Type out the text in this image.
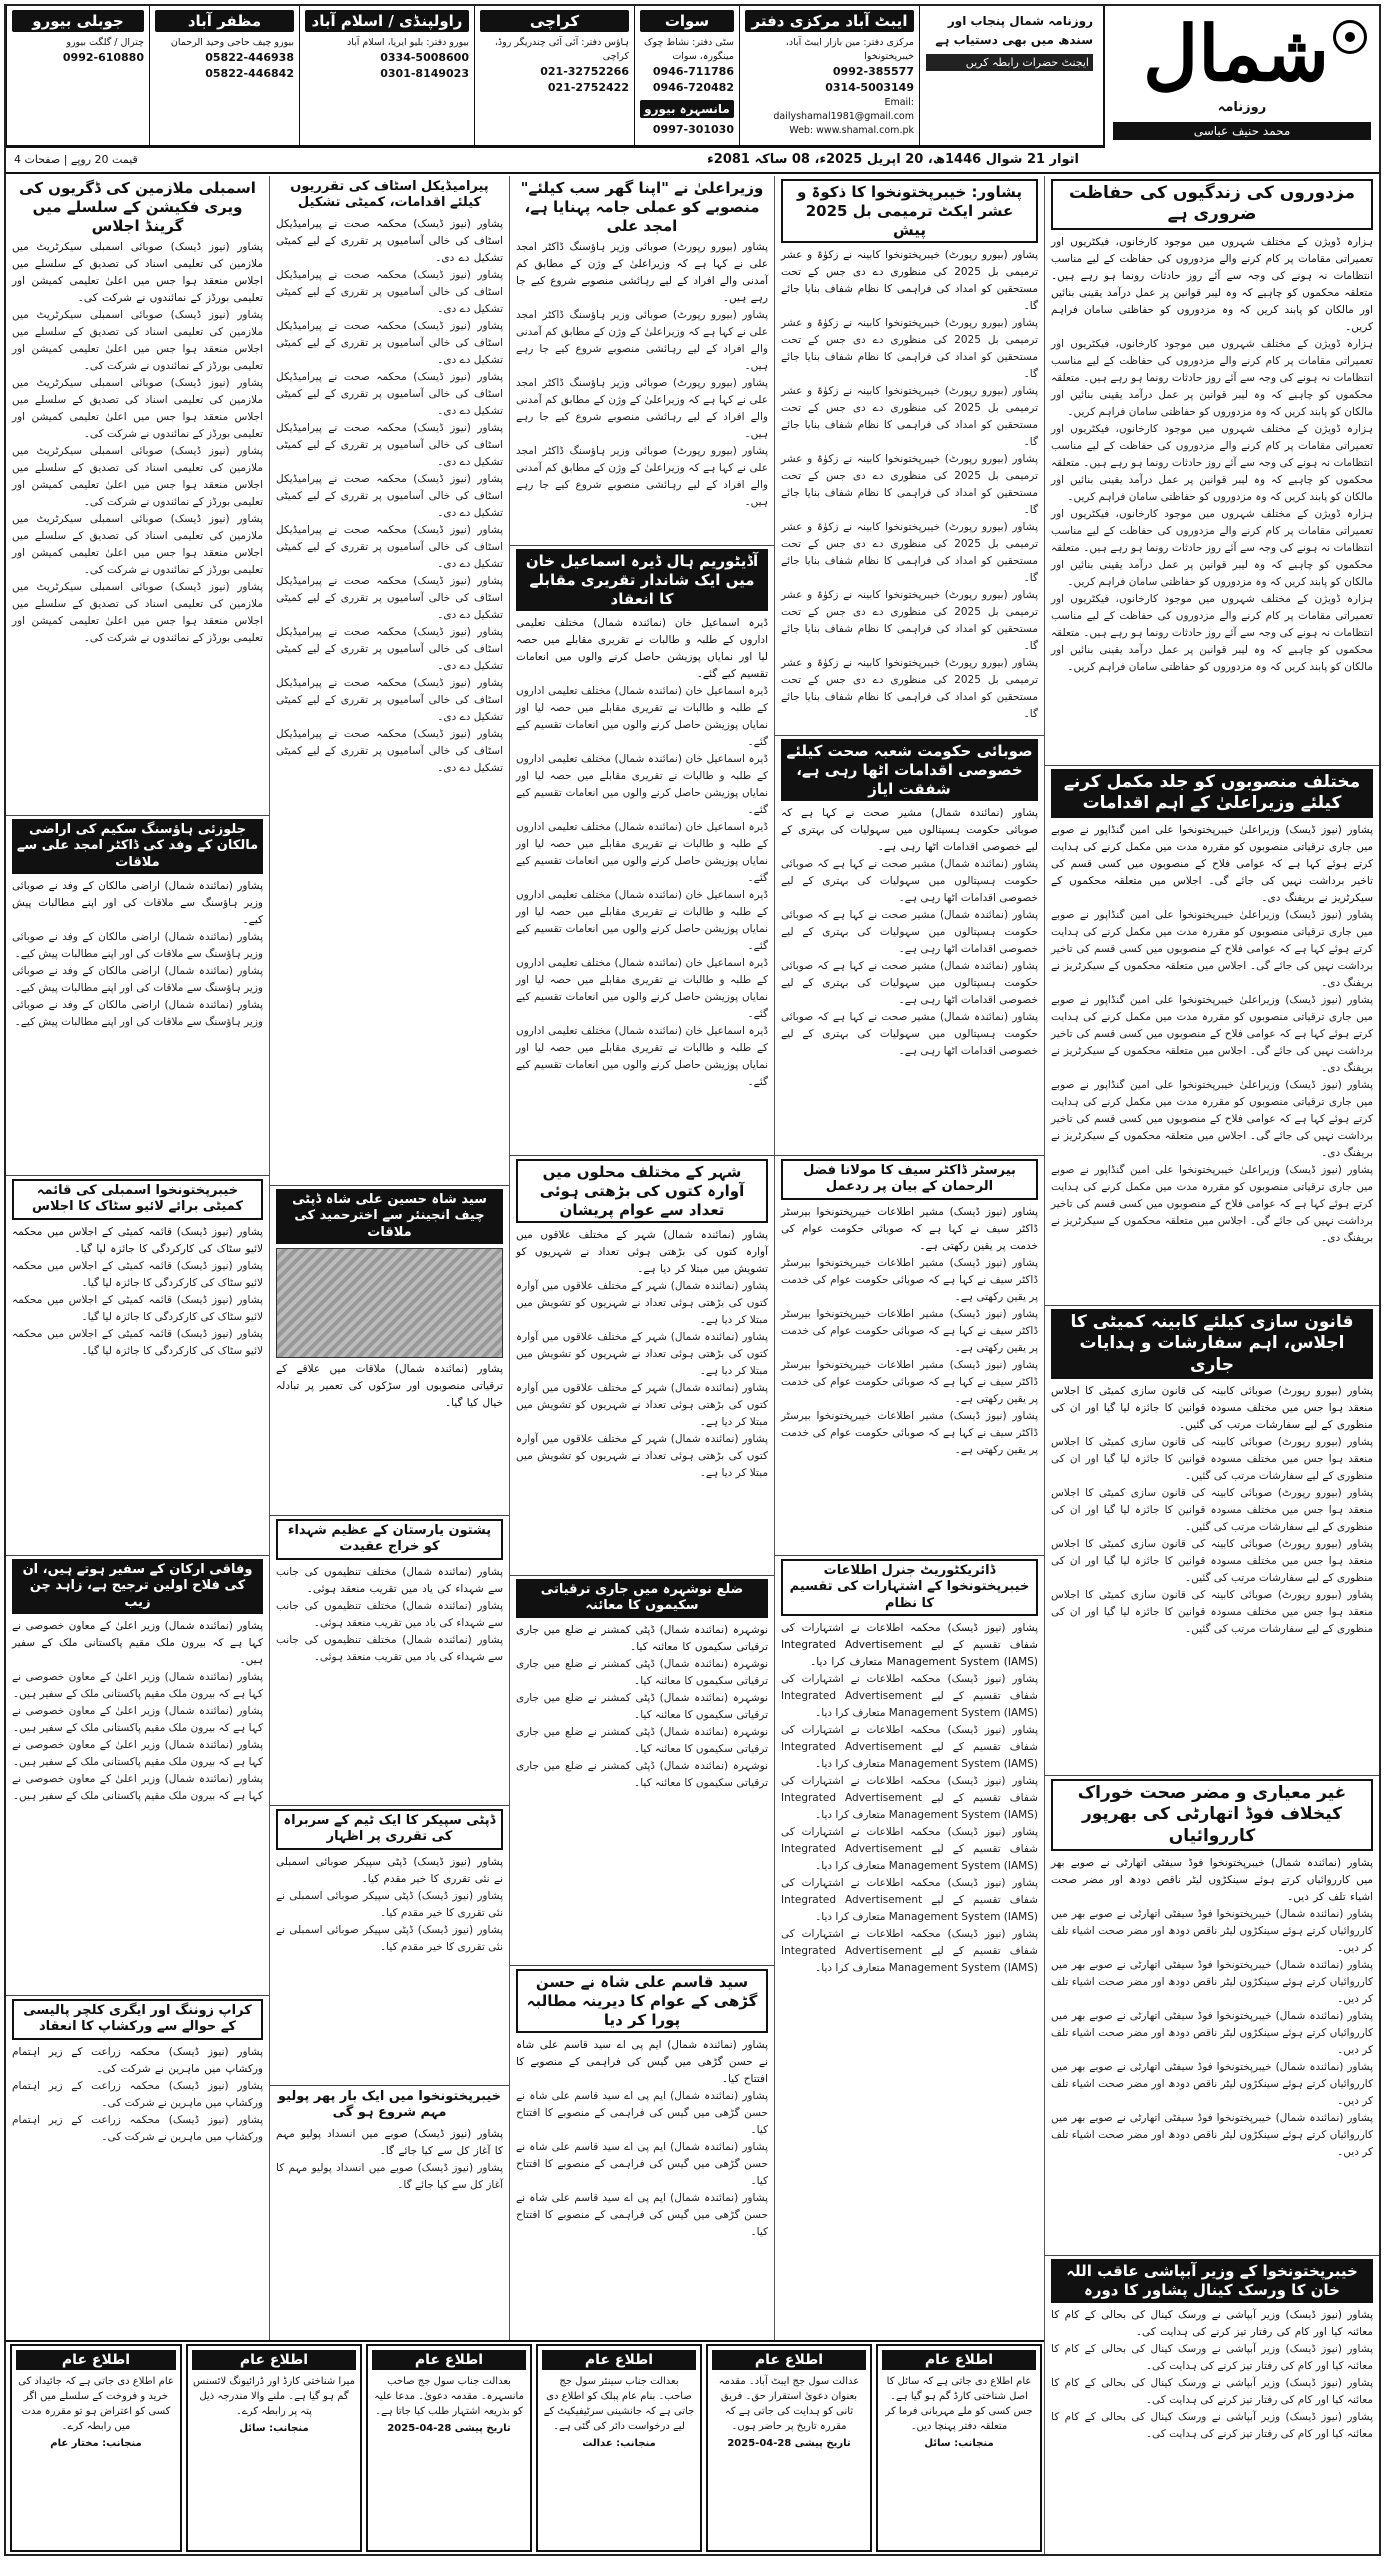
شمال
روزنامہ
محمد حنیف عباسی
روزنامہ شمال پنجاب اور سندھ میں بھی دستیاب ہے
ایجنٹ حضرات رابطہ کریں
ایبٹ آباد مرکزی دفتر
مرکزی دفتر: مین بازار ایبٹ آباد، خیبرپختونخوا
0992-385577
0314-5003149
Email: dailyshamal1981@gmail.com
Web: www.shamal.com.pk
سوات
سٹی دفتر: نشاط چوک مینگورہ، سوات
0946-711786
0946-720482
مانسہرہ بیورو
0997-301030
کراچی
ہاؤس دفتر: آئی آئی چندریگر روڈ، کراچی
021-32752266
021-2752422
راولپنڈی / اسلام آباد
بیورو دفتر: بلیو ایریا، اسلام آباد
0334-5008600
0301-8149023
مظفر آباد
بیورو چیف حاجی وحید الرحمان
05822-446938
05822-446842
جوبلی بیورو
چترال / گلگت بیورو
0992-610880
اتوار 21 شوال 1446ھ، 20 اپریل 2025ء، 08 ساکہ 2081ء
قیمت 20 روپے | صفحات 4
مزدوروں کی زندگیوں کی حفاظت ضروری ہے
ہزارہ ڈویژن کے مختلف شہروں میں موجود کارخانوں، فیکٹریوں اور تعمیراتی مقامات پر کام کرنے والے مزدوروں کی حفاظت کے لیے مناسب انتظامات نہ ہونے کی وجہ سے آئے روز حادثات رونما ہو رہے ہیں۔ متعلقہ محکموں کو چاہیے کہ وہ لیبر قوانین پر عمل درآمد یقینی بنائیں اور مالکان کو پابند کریں کہ وہ مزدوروں کو حفاظتی سامان فراہم کریں۔
ہزارہ ڈویژن کے مختلف شہروں میں موجود کارخانوں، فیکٹریوں اور تعمیراتی مقامات پر کام کرنے والے مزدوروں کی حفاظت کے لیے مناسب انتظامات نہ ہونے کی وجہ سے آئے روز حادثات رونما ہو رہے ہیں۔ متعلقہ محکموں کو چاہیے کہ وہ لیبر قوانین پر عمل درآمد یقینی بنائیں اور مالکان کو پابند کریں کہ وہ مزدوروں کو حفاظتی سامان فراہم کریں۔
ہزارہ ڈویژن کے مختلف شہروں میں موجود کارخانوں، فیکٹریوں اور تعمیراتی مقامات پر کام کرنے والے مزدوروں کی حفاظت کے لیے مناسب انتظامات نہ ہونے کی وجہ سے آئے روز حادثات رونما ہو رہے ہیں۔ متعلقہ محکموں کو چاہیے کہ وہ لیبر قوانین پر عمل درآمد یقینی بنائیں اور مالکان کو پابند کریں کہ وہ مزدوروں کو حفاظتی سامان فراہم کریں۔
ہزارہ ڈویژن کے مختلف شہروں میں موجود کارخانوں، فیکٹریوں اور تعمیراتی مقامات پر کام کرنے والے مزدوروں کی حفاظت کے لیے مناسب انتظامات نہ ہونے کی وجہ سے آئے روز حادثات رونما ہو رہے ہیں۔ متعلقہ محکموں کو چاہیے کہ وہ لیبر قوانین پر عمل درآمد یقینی بنائیں اور مالکان کو پابند کریں کہ وہ مزدوروں کو حفاظتی سامان فراہم کریں۔
ہزارہ ڈویژن کے مختلف شہروں میں موجود کارخانوں، فیکٹریوں اور تعمیراتی مقامات پر کام کرنے والے مزدوروں کی حفاظت کے لیے مناسب انتظامات نہ ہونے کی وجہ سے آئے روز حادثات رونما ہو رہے ہیں۔ متعلقہ محکموں کو چاہیے کہ وہ لیبر قوانین پر عمل درآمد یقینی بنائیں اور مالکان کو پابند کریں کہ وہ مزدوروں کو حفاظتی سامان فراہم کریں۔
مختلف منصوبوں کو جلد مکمل کرنے کیلئے وزیراعلیٰ کے اہم اقدامات
پشاور (نیوز ڈیسک) وزیراعلیٰ خیبرپختونخوا علی امین گنڈاپور نے صوبے میں جاری ترقیاتی منصوبوں کو مقررہ مدت میں مکمل کرنے کی ہدایت کرتے ہوئے کہا ہے کہ عوامی فلاح کے منصوبوں میں کسی قسم کی تاخیر برداشت نہیں کی جائے گی۔ اجلاس میں متعلقہ محکموں کے سیکرٹریز نے بریفنگ دی۔
پشاور (نیوز ڈیسک) وزیراعلیٰ خیبرپختونخوا علی امین گنڈاپور نے صوبے میں جاری ترقیاتی منصوبوں کو مقررہ مدت میں مکمل کرنے کی ہدایت کرتے ہوئے کہا ہے کہ عوامی فلاح کے منصوبوں میں کسی قسم کی تاخیر برداشت نہیں کی جائے گی۔ اجلاس میں متعلقہ محکموں کے سیکرٹریز نے بریفنگ دی۔
پشاور (نیوز ڈیسک) وزیراعلیٰ خیبرپختونخوا علی امین گنڈاپور نے صوبے میں جاری ترقیاتی منصوبوں کو مقررہ مدت میں مکمل کرنے کی ہدایت کرتے ہوئے کہا ہے کہ عوامی فلاح کے منصوبوں میں کسی قسم کی تاخیر برداشت نہیں کی جائے گی۔ اجلاس میں متعلقہ محکموں کے سیکرٹریز نے بریفنگ دی۔
پشاور (نیوز ڈیسک) وزیراعلیٰ خیبرپختونخوا علی امین گنڈاپور نے صوبے میں جاری ترقیاتی منصوبوں کو مقررہ مدت میں مکمل کرنے کی ہدایت کرتے ہوئے کہا ہے کہ عوامی فلاح کے منصوبوں میں کسی قسم کی تاخیر برداشت نہیں کی جائے گی۔ اجلاس میں متعلقہ محکموں کے سیکرٹریز نے بریفنگ دی۔
پشاور (نیوز ڈیسک) وزیراعلیٰ خیبرپختونخوا علی امین گنڈاپور نے صوبے میں جاری ترقیاتی منصوبوں کو مقررہ مدت میں مکمل کرنے کی ہدایت کرتے ہوئے کہا ہے کہ عوامی فلاح کے منصوبوں میں کسی قسم کی تاخیر برداشت نہیں کی جائے گی۔ اجلاس میں متعلقہ محکموں کے سیکرٹریز نے بریفنگ دی۔
قانون سازی کیلئے کابینہ کمیٹی کا اجلاس، اہم سفارشات و ہدایات جاری
پشاور (بیورو رپورٹ) صوبائی کابینہ کی قانون سازی کمیٹی کا اجلاس منعقد ہوا جس میں مختلف مسودہ قوانین کا جائزہ لیا گیا اور ان کی منظوری کے لیے سفارشات مرتب کی گئیں۔
پشاور (بیورو رپورٹ) صوبائی کابینہ کی قانون سازی کمیٹی کا اجلاس منعقد ہوا جس میں مختلف مسودہ قوانین کا جائزہ لیا گیا اور ان کی منظوری کے لیے سفارشات مرتب کی گئیں۔
پشاور (بیورو رپورٹ) صوبائی کابینہ کی قانون سازی کمیٹی کا اجلاس منعقد ہوا جس میں مختلف مسودہ قوانین کا جائزہ لیا گیا اور ان کی منظوری کے لیے سفارشات مرتب کی گئیں۔
پشاور (بیورو رپورٹ) صوبائی کابینہ کی قانون سازی کمیٹی کا اجلاس منعقد ہوا جس میں مختلف مسودہ قوانین کا جائزہ لیا گیا اور ان کی منظوری کے لیے سفارشات مرتب کی گئیں۔
پشاور (بیورو رپورٹ) صوبائی کابینہ کی قانون سازی کمیٹی کا اجلاس منعقد ہوا جس میں مختلف مسودہ قوانین کا جائزہ لیا گیا اور ان کی منظوری کے لیے سفارشات مرتب کی گئیں۔
غیر معیاری و مضر صحت خوراک کیخلاف فوڈ اتھارٹی کی بھرپور کارروائیاں
پشاور (نمائندہ شمال) خیبرپختونخوا فوڈ سیفٹی اتھارٹی نے صوبے بھر میں کارروائیاں کرتے ہوئے سینکڑوں لیٹر ناقص دودھ اور مضر صحت اشیاء تلف کر دیں۔
پشاور (نمائندہ شمال) خیبرپختونخوا فوڈ سیفٹی اتھارٹی نے صوبے بھر میں کارروائیاں کرتے ہوئے سینکڑوں لیٹر ناقص دودھ اور مضر صحت اشیاء تلف کر دیں۔
پشاور (نمائندہ شمال) خیبرپختونخوا فوڈ سیفٹی اتھارٹی نے صوبے بھر میں کارروائیاں کرتے ہوئے سینکڑوں لیٹر ناقص دودھ اور مضر صحت اشیاء تلف کر دیں۔
پشاور (نمائندہ شمال) خیبرپختونخوا فوڈ سیفٹی اتھارٹی نے صوبے بھر میں کارروائیاں کرتے ہوئے سینکڑوں لیٹر ناقص دودھ اور مضر صحت اشیاء تلف کر دیں۔
پشاور (نمائندہ شمال) خیبرپختونخوا فوڈ سیفٹی اتھارٹی نے صوبے بھر میں کارروائیاں کرتے ہوئے سینکڑوں لیٹر ناقص دودھ اور مضر صحت اشیاء تلف کر دیں۔
پشاور (نمائندہ شمال) خیبرپختونخوا فوڈ سیفٹی اتھارٹی نے صوبے بھر میں کارروائیاں کرتے ہوئے سینکڑوں لیٹر ناقص دودھ اور مضر صحت اشیاء تلف کر دیں۔
خیبرپختونخوا کے وزیر آبپاشی عاقب اللہ خان کا ورسک کینال پشاور کا دورہ
پشاور (نیوز ڈیسک) وزیر آبپاشی نے ورسک کینال کی بحالی کے کام کا معائنہ کیا اور کام کی رفتار تیز کرنے کی ہدایت کی۔
پشاور (نیوز ڈیسک) وزیر آبپاشی نے ورسک کینال کی بحالی کے کام کا معائنہ کیا اور کام کی رفتار تیز کرنے کی ہدایت کی۔
پشاور (نیوز ڈیسک) وزیر آبپاشی نے ورسک کینال کی بحالی کے کام کا معائنہ کیا اور کام کی رفتار تیز کرنے کی ہدایت کی۔
پشاور (نیوز ڈیسک) وزیر آبپاشی نے ورسک کینال کی بحالی کے کام کا معائنہ کیا اور کام کی رفتار تیز کرنے کی ہدایت کی۔
پشاور: خیبرپختونخوا کا ذکوۃ و عشر ایکٹ ترمیمی بل 2025 پیش
پشاور (بیورو رپورٹ) خیبرپختونخوا کابینہ نے زکوٰۃ و عشر ترمیمی بل 2025 کی منظوری دے دی جس کے تحت مستحقین کو امداد کی فراہمی کا نظام شفاف بنایا جائے گا۔
پشاور (بیورو رپورٹ) خیبرپختونخوا کابینہ نے زکوٰۃ و عشر ترمیمی بل 2025 کی منظوری دے دی جس کے تحت مستحقین کو امداد کی فراہمی کا نظام شفاف بنایا جائے گا۔
پشاور (بیورو رپورٹ) خیبرپختونخوا کابینہ نے زکوٰۃ و عشر ترمیمی بل 2025 کی منظوری دے دی جس کے تحت مستحقین کو امداد کی فراہمی کا نظام شفاف بنایا جائے گا۔
پشاور (بیورو رپورٹ) خیبرپختونخوا کابینہ نے زکوٰۃ و عشر ترمیمی بل 2025 کی منظوری دے دی جس کے تحت مستحقین کو امداد کی فراہمی کا نظام شفاف بنایا جائے گا۔
پشاور (بیورو رپورٹ) خیبرپختونخوا کابینہ نے زکوٰۃ و عشر ترمیمی بل 2025 کی منظوری دے دی جس کے تحت مستحقین کو امداد کی فراہمی کا نظام شفاف بنایا جائے گا۔
پشاور (بیورو رپورٹ) خیبرپختونخوا کابینہ نے زکوٰۃ و عشر ترمیمی بل 2025 کی منظوری دے دی جس کے تحت مستحقین کو امداد کی فراہمی کا نظام شفاف بنایا جائے گا۔
پشاور (بیورو رپورٹ) خیبرپختونخوا کابینہ نے زکوٰۃ و عشر ترمیمی بل 2025 کی منظوری دے دی جس کے تحت مستحقین کو امداد کی فراہمی کا نظام شفاف بنایا جائے گا۔
صوبائی حکومت شعبہ صحت کیلئے خصوصی اقدامات اٹھا رہی ہے، شفقت ایاز
پشاور (نمائندہ شمال) مشیر صحت نے کہا ہے کہ صوبائی حکومت ہسپتالوں میں سہولیات کی بہتری کے لیے خصوصی اقدامات اٹھا رہی ہے۔
پشاور (نمائندہ شمال) مشیر صحت نے کہا ہے کہ صوبائی حکومت ہسپتالوں میں سہولیات کی بہتری کے لیے خصوصی اقدامات اٹھا رہی ہے۔
پشاور (نمائندہ شمال) مشیر صحت نے کہا ہے کہ صوبائی حکومت ہسپتالوں میں سہولیات کی بہتری کے لیے خصوصی اقدامات اٹھا رہی ہے۔
پشاور (نمائندہ شمال) مشیر صحت نے کہا ہے کہ صوبائی حکومت ہسپتالوں میں سہولیات کی بہتری کے لیے خصوصی اقدامات اٹھا رہی ہے۔
پشاور (نمائندہ شمال) مشیر صحت نے کہا ہے کہ صوبائی حکومت ہسپتالوں میں سہولیات کی بہتری کے لیے خصوصی اقدامات اٹھا رہی ہے۔
بیرسٹر ڈاکٹر سیف کا مولانا فضل الرحمان کے بیان پر ردعمل
پشاور (نیوز ڈیسک) مشیر اطلاعات خیبرپختونخوا بیرسٹر ڈاکٹر سیف نے کہا ہے کہ صوبائی حکومت عوام کی خدمت پر یقین رکھتی ہے۔
پشاور (نیوز ڈیسک) مشیر اطلاعات خیبرپختونخوا بیرسٹر ڈاکٹر سیف نے کہا ہے کہ صوبائی حکومت عوام کی خدمت پر یقین رکھتی ہے۔
پشاور (نیوز ڈیسک) مشیر اطلاعات خیبرپختونخوا بیرسٹر ڈاکٹر سیف نے کہا ہے کہ صوبائی حکومت عوام کی خدمت پر یقین رکھتی ہے۔
پشاور (نیوز ڈیسک) مشیر اطلاعات خیبرپختونخوا بیرسٹر ڈاکٹر سیف نے کہا ہے کہ صوبائی حکومت عوام کی خدمت پر یقین رکھتی ہے۔
پشاور (نیوز ڈیسک) مشیر اطلاعات خیبرپختونخوا بیرسٹر ڈاکٹر سیف نے کہا ہے کہ صوبائی حکومت عوام کی خدمت پر یقین رکھتی ہے۔
ڈائریکٹوریٹ جنرل اطلاعات خیبرپختونخوا کے اشتہارات کی تقسیم کا نظام
پشاور (نیوز ڈیسک) محکمہ اطلاعات نے اشتہارات کی شفاف تقسیم کے لیے Integrated Advertisement Management System (IAMS) متعارف کرا دیا۔
پشاور (نیوز ڈیسک) محکمہ اطلاعات نے اشتہارات کی شفاف تقسیم کے لیے Integrated Advertisement Management System (IAMS) متعارف کرا دیا۔
پشاور (نیوز ڈیسک) محکمہ اطلاعات نے اشتہارات کی شفاف تقسیم کے لیے Integrated Advertisement Management System (IAMS) متعارف کرا دیا۔
پشاور (نیوز ڈیسک) محکمہ اطلاعات نے اشتہارات کی شفاف تقسیم کے لیے Integrated Advertisement Management System (IAMS) متعارف کرا دیا۔
پشاور (نیوز ڈیسک) محکمہ اطلاعات نے اشتہارات کی شفاف تقسیم کے لیے Integrated Advertisement Management System (IAMS) متعارف کرا دیا۔
پشاور (نیوز ڈیسک) محکمہ اطلاعات نے اشتہارات کی شفاف تقسیم کے لیے Integrated Advertisement Management System (IAMS) متعارف کرا دیا۔
پشاور (نیوز ڈیسک) محکمہ اطلاعات نے اشتہارات کی شفاف تقسیم کے لیے Integrated Advertisement Management System (IAMS) متعارف کرا دیا۔
وزیراعلیٰ نے "اپنا گھر سب کیلئے" منصوبے کو عملی جامہ پہنایا ہے، امجد علی
پشاور (بیورو رپورٹ) صوبائی وزیر ہاؤسنگ ڈاکٹر امجد علی نے کہا ہے کہ وزیراعلیٰ کے وژن کے مطابق کم آمدنی والے افراد کے لیے رہائشی منصوبے شروع کیے جا رہے ہیں۔
پشاور (بیورو رپورٹ) صوبائی وزیر ہاؤسنگ ڈاکٹر امجد علی نے کہا ہے کہ وزیراعلیٰ کے وژن کے مطابق کم آمدنی والے افراد کے لیے رہائشی منصوبے شروع کیے جا رہے ہیں۔
پشاور (بیورو رپورٹ) صوبائی وزیر ہاؤسنگ ڈاکٹر امجد علی نے کہا ہے کہ وزیراعلیٰ کے وژن کے مطابق کم آمدنی والے افراد کے لیے رہائشی منصوبے شروع کیے جا رہے ہیں۔
پشاور (بیورو رپورٹ) صوبائی وزیر ہاؤسنگ ڈاکٹر امجد علی نے کہا ہے کہ وزیراعلیٰ کے وژن کے مطابق کم آمدنی والے افراد کے لیے رہائشی منصوبے شروع کیے جا رہے ہیں۔
آڈیٹوریم ہال ڈیرہ اسماعیل خان میں ایک شاندار تقریری مقابلے کا انعقاد
ڈیرہ اسماعیل خان (نمائندہ شمال) مختلف تعلیمی اداروں کے طلبہ و طالبات نے تقریری مقابلے میں حصہ لیا اور نمایاں پوزیشن حاصل کرنے والوں میں انعامات تقسیم کیے گئے۔
ڈیرہ اسماعیل خان (نمائندہ شمال) مختلف تعلیمی اداروں کے طلبہ و طالبات نے تقریری مقابلے میں حصہ لیا اور نمایاں پوزیشن حاصل کرنے والوں میں انعامات تقسیم کیے گئے۔
ڈیرہ اسماعیل خان (نمائندہ شمال) مختلف تعلیمی اداروں کے طلبہ و طالبات نے تقریری مقابلے میں حصہ لیا اور نمایاں پوزیشن حاصل کرنے والوں میں انعامات تقسیم کیے گئے۔
ڈیرہ اسماعیل خان (نمائندہ شمال) مختلف تعلیمی اداروں کے طلبہ و طالبات نے تقریری مقابلے میں حصہ لیا اور نمایاں پوزیشن حاصل کرنے والوں میں انعامات تقسیم کیے گئے۔
ڈیرہ اسماعیل خان (نمائندہ شمال) مختلف تعلیمی اداروں کے طلبہ و طالبات نے تقریری مقابلے میں حصہ لیا اور نمایاں پوزیشن حاصل کرنے والوں میں انعامات تقسیم کیے گئے۔
ڈیرہ اسماعیل خان (نمائندہ شمال) مختلف تعلیمی اداروں کے طلبہ و طالبات نے تقریری مقابلے میں حصہ لیا اور نمایاں پوزیشن حاصل کرنے والوں میں انعامات تقسیم کیے گئے۔
ڈیرہ اسماعیل خان (نمائندہ شمال) مختلف تعلیمی اداروں کے طلبہ و طالبات نے تقریری مقابلے میں حصہ لیا اور نمایاں پوزیشن حاصل کرنے والوں میں انعامات تقسیم کیے گئے۔
شہر کے مختلف محلوں میں آوارہ کتوں کی بڑھتی ہوئی تعداد سے عوام پریشان
پشاور (نمائندہ شمال) شہر کے مختلف علاقوں میں آوارہ کتوں کی بڑھتی ہوئی تعداد نے شہریوں کو تشویش میں مبتلا کر دیا ہے۔
پشاور (نمائندہ شمال) شہر کے مختلف علاقوں میں آوارہ کتوں کی بڑھتی ہوئی تعداد نے شہریوں کو تشویش میں مبتلا کر دیا ہے۔
پشاور (نمائندہ شمال) شہر کے مختلف علاقوں میں آوارہ کتوں کی بڑھتی ہوئی تعداد نے شہریوں کو تشویش میں مبتلا کر دیا ہے۔
پشاور (نمائندہ شمال) شہر کے مختلف علاقوں میں آوارہ کتوں کی بڑھتی ہوئی تعداد نے شہریوں کو تشویش میں مبتلا کر دیا ہے۔
پشاور (نمائندہ شمال) شہر کے مختلف علاقوں میں آوارہ کتوں کی بڑھتی ہوئی تعداد نے شہریوں کو تشویش میں مبتلا کر دیا ہے۔
ضلع نوشہرہ میں جاری ترقیاتی سکیموں کا معائنہ
نوشہرہ (نمائندہ شمال) ڈپٹی کمشنر نے ضلع میں جاری ترقیاتی سکیموں کا معائنہ کیا۔
نوشہرہ (نمائندہ شمال) ڈپٹی کمشنر نے ضلع میں جاری ترقیاتی سکیموں کا معائنہ کیا۔
نوشہرہ (نمائندہ شمال) ڈپٹی کمشنر نے ضلع میں جاری ترقیاتی سکیموں کا معائنہ کیا۔
نوشہرہ (نمائندہ شمال) ڈپٹی کمشنر نے ضلع میں جاری ترقیاتی سکیموں کا معائنہ کیا۔
نوشہرہ (نمائندہ شمال) ڈپٹی کمشنر نے ضلع میں جاری ترقیاتی سکیموں کا معائنہ کیا۔
سید قاسم علی شاہ نے حسن گڑھی کے عوام کا دیرینہ مطالبہ پورا کر دیا
پشاور (نمائندہ شمال) ایم پی اے سید قاسم علی شاہ نے حسن گڑھی میں گیس کی فراہمی کے منصوبے کا افتتاح کیا۔
پشاور (نمائندہ شمال) ایم پی اے سید قاسم علی شاہ نے حسن گڑھی میں گیس کی فراہمی کے منصوبے کا افتتاح کیا۔
پشاور (نمائندہ شمال) ایم پی اے سید قاسم علی شاہ نے حسن گڑھی میں گیس کی فراہمی کے منصوبے کا افتتاح کیا۔
پشاور (نمائندہ شمال) ایم پی اے سید قاسم علی شاہ نے حسن گڑھی میں گیس کی فراہمی کے منصوبے کا افتتاح کیا۔
پیرامیڈیکل اسٹاف کی تقرریوں کیلئے اقدامات، کمیٹی تشکیل
پشاور (نیوز ڈیسک) محکمہ صحت نے پیرامیڈیکل اسٹاف کی خالی آسامیوں پر تقرری کے لیے کمیٹی تشکیل دے دی۔
پشاور (نیوز ڈیسک) محکمہ صحت نے پیرامیڈیکل اسٹاف کی خالی آسامیوں پر تقرری کے لیے کمیٹی تشکیل دے دی۔
پشاور (نیوز ڈیسک) محکمہ صحت نے پیرامیڈیکل اسٹاف کی خالی آسامیوں پر تقرری کے لیے کمیٹی تشکیل دے دی۔
پشاور (نیوز ڈیسک) محکمہ صحت نے پیرامیڈیکل اسٹاف کی خالی آسامیوں پر تقرری کے لیے کمیٹی تشکیل دے دی۔
پشاور (نیوز ڈیسک) محکمہ صحت نے پیرامیڈیکل اسٹاف کی خالی آسامیوں پر تقرری کے لیے کمیٹی تشکیل دے دی۔
پشاور (نیوز ڈیسک) محکمہ صحت نے پیرامیڈیکل اسٹاف کی خالی آسامیوں پر تقرری کے لیے کمیٹی تشکیل دے دی۔
پشاور (نیوز ڈیسک) محکمہ صحت نے پیرامیڈیکل اسٹاف کی خالی آسامیوں پر تقرری کے لیے کمیٹی تشکیل دے دی۔
پشاور (نیوز ڈیسک) محکمہ صحت نے پیرامیڈیکل اسٹاف کی خالی آسامیوں پر تقرری کے لیے کمیٹی تشکیل دے دی۔
پشاور (نیوز ڈیسک) محکمہ صحت نے پیرامیڈیکل اسٹاف کی خالی آسامیوں پر تقرری کے لیے کمیٹی تشکیل دے دی۔
پشاور (نیوز ڈیسک) محکمہ صحت نے پیرامیڈیکل اسٹاف کی خالی آسامیوں پر تقرری کے لیے کمیٹی تشکیل دے دی۔
پشاور (نیوز ڈیسک) محکمہ صحت نے پیرامیڈیکل اسٹاف کی خالی آسامیوں پر تقرری کے لیے کمیٹی تشکیل دے دی۔
سید شاہ حسین علی شاہ ڈپٹی چیف انجینئر سے اخترحمید کی ملاقات
پشاور (نمائندہ شمال) ملاقات میں علاقے کے ترقیاتی منصوبوں اور سڑکوں کی تعمیر پر تبادلہ خیال کیا گیا۔
پشتون یارستان کے عظیم شہداء کو خراج عقیدت
پشاور (نمائندہ شمال) مختلف تنظیموں کی جانب سے شہداء کی یاد میں تقریب منعقد ہوئی۔
پشاور (نمائندہ شمال) مختلف تنظیموں کی جانب سے شہداء کی یاد میں تقریب منعقد ہوئی۔
پشاور (نمائندہ شمال) مختلف تنظیموں کی جانب سے شہداء کی یاد میں تقریب منعقد ہوئی۔
ڈپٹی سپیکر کا ایک ٹیم کے سربراہ کی تقرری پر اظہار
پشاور (نیوز ڈیسک) ڈپٹی سپیکر صوبائی اسمبلی نے نئی تقرری کا خیر مقدم کیا۔
پشاور (نیوز ڈیسک) ڈپٹی سپیکر صوبائی اسمبلی نے نئی تقرری کا خیر مقدم کیا۔
پشاور (نیوز ڈیسک) ڈپٹی سپیکر صوبائی اسمبلی نے نئی تقرری کا خیر مقدم کیا۔
خیبرپختونخوا میں ایک بار پھر پولیو مہم شروع ہو گی
پشاور (نیوز ڈیسک) صوبے میں انسداد پولیو مہم کا آغاز کل سے کیا جائے گا۔
پشاور (نیوز ڈیسک) صوبے میں انسداد پولیو مہم کا آغاز کل سے کیا جائے گا۔
اسمبلی ملازمین کی ڈگریوں کی ویری فکیشن کے سلسلے میں گرینڈ اجلاس
پشاور (نیوز ڈیسک) صوبائی اسمبلی سیکرٹریٹ میں ملازمین کی تعلیمی اسناد کی تصدیق کے سلسلے میں اجلاس منعقد ہوا جس میں اعلیٰ تعلیمی کمیشن اور تعلیمی بورڈز کے نمائندوں نے شرکت کی۔
پشاور (نیوز ڈیسک) صوبائی اسمبلی سیکرٹریٹ میں ملازمین کی تعلیمی اسناد کی تصدیق کے سلسلے میں اجلاس منعقد ہوا جس میں اعلیٰ تعلیمی کمیشن اور تعلیمی بورڈز کے نمائندوں نے شرکت کی۔
پشاور (نیوز ڈیسک) صوبائی اسمبلی سیکرٹریٹ میں ملازمین کی تعلیمی اسناد کی تصدیق کے سلسلے میں اجلاس منعقد ہوا جس میں اعلیٰ تعلیمی کمیشن اور تعلیمی بورڈز کے نمائندوں نے شرکت کی۔
پشاور (نیوز ڈیسک) صوبائی اسمبلی سیکرٹریٹ میں ملازمین کی تعلیمی اسناد کی تصدیق کے سلسلے میں اجلاس منعقد ہوا جس میں اعلیٰ تعلیمی کمیشن اور تعلیمی بورڈز کے نمائندوں نے شرکت کی۔
پشاور (نیوز ڈیسک) صوبائی اسمبلی سیکرٹریٹ میں ملازمین کی تعلیمی اسناد کی تصدیق کے سلسلے میں اجلاس منعقد ہوا جس میں اعلیٰ تعلیمی کمیشن اور تعلیمی بورڈز کے نمائندوں نے شرکت کی۔
پشاور (نیوز ڈیسک) صوبائی اسمبلی سیکرٹریٹ میں ملازمین کی تعلیمی اسناد کی تصدیق کے سلسلے میں اجلاس منعقد ہوا جس میں اعلیٰ تعلیمی کمیشن اور تعلیمی بورڈز کے نمائندوں نے شرکت کی۔
جلوزئی ہاؤسنگ سکیم کی اراضی مالکان کے وفد کی ڈاکٹر امجد علی سے ملاقات
پشاور (نمائندہ شمال) اراضی مالکان کے وفد نے صوبائی وزیر ہاؤسنگ سے ملاقات کی اور اپنے مطالبات پیش کیے۔
پشاور (نمائندہ شمال) اراضی مالکان کے وفد نے صوبائی وزیر ہاؤسنگ سے ملاقات کی اور اپنے مطالبات پیش کیے۔
پشاور (نمائندہ شمال) اراضی مالکان کے وفد نے صوبائی وزیر ہاؤسنگ سے ملاقات کی اور اپنے مطالبات پیش کیے۔
پشاور (نمائندہ شمال) اراضی مالکان کے وفد نے صوبائی وزیر ہاؤسنگ سے ملاقات کی اور اپنے مطالبات پیش کیے۔
خیبرپختونخوا اسمبلی کی قائمہ کمیٹی برائے لائیو سٹاک کا اجلاس
پشاور (نیوز ڈیسک) قائمہ کمیٹی کے اجلاس میں محکمہ لائیو سٹاک کی کارکردگی کا جائزہ لیا گیا۔
پشاور (نیوز ڈیسک) قائمہ کمیٹی کے اجلاس میں محکمہ لائیو سٹاک کی کارکردگی کا جائزہ لیا گیا۔
پشاور (نیوز ڈیسک) قائمہ کمیٹی کے اجلاس میں محکمہ لائیو سٹاک کی کارکردگی کا جائزہ لیا گیا۔
پشاور (نیوز ڈیسک) قائمہ کمیٹی کے اجلاس میں محکمہ لائیو سٹاک کی کارکردگی کا جائزہ لیا گیا۔
وفاقی ارکان کے سفیر ہوتے ہیں، ان کی فلاح اولین ترجیح ہے، زاہد چن زیب
پشاور (نمائندہ شمال) وزیر اعلیٰ کے معاون خصوصی نے کہا ہے کہ بیرون ملک مقیم پاکستانی ملک کے سفیر ہیں۔
پشاور (نمائندہ شمال) وزیر اعلیٰ کے معاون خصوصی نے کہا ہے کہ بیرون ملک مقیم پاکستانی ملک کے سفیر ہیں۔
پشاور (نمائندہ شمال) وزیر اعلیٰ کے معاون خصوصی نے کہا ہے کہ بیرون ملک مقیم پاکستانی ملک کے سفیر ہیں۔
پشاور (نمائندہ شمال) وزیر اعلیٰ کے معاون خصوصی نے کہا ہے کہ بیرون ملک مقیم پاکستانی ملک کے سفیر ہیں۔
پشاور (نمائندہ شمال) وزیر اعلیٰ کے معاون خصوصی نے کہا ہے کہ بیرون ملک مقیم پاکستانی ملک کے سفیر ہیں۔
کراپ زوننگ اور ایگری کلچر پالیسی کے حوالے سے ورکشاپ کا انعقاد
پشاور (نیوز ڈیسک) محکمہ زراعت کے زیر اہتمام ورکشاپ میں ماہرین نے شرکت کی۔
پشاور (نیوز ڈیسک) محکمہ زراعت کے زیر اہتمام ورکشاپ میں ماہرین نے شرکت کی۔
پشاور (نیوز ڈیسک) محکمہ زراعت کے زیر اہتمام ورکشاپ میں ماہرین نے شرکت کی۔
اطلاع عام
عام اطلاع دی جاتی ہے کہ سائل کا اصل شناختی کارڈ گم ہو گیا ہے۔ جس کسی کو ملے مہربانی فرما کر متعلقہ دفتر پہنچا دیں۔
منجانب: سائل
اطلاع عام
عدالت سول جج ایبٹ آباد۔ مقدمہ بعنوان دعویٰ استقرار حق۔ فریق ثانی کو ہدایت کی جاتی ہے کہ مقررہ تاریخ پر حاضر ہوں۔
تاریخ پیشی 28-04-2025
اطلاع عام
بعدالت جناب سینئر سول جج صاحب۔ بنام عام پبلک کو اطلاع دی جاتی ہے کہ جانشینی سرٹیفیکیٹ کے لیے درخواست دائر کی گئی ہے۔
منجانب: عدالت
اطلاع عام
بعدالت جناب سول جج صاحب مانسہرہ۔ مقدمہ دعویٰ۔ مدعا علیہ کو بذریعہ اشتہار طلب کیا جاتا ہے۔
تاریخ پیشی 28-04-2025
اطلاع عام
میرا شناختی کارڈ اور ڈرائیونگ لائسنس گم ہو گیا ہے۔ ملنے والا مندرجہ ذیل پتہ پر رابطہ کرے۔
منجانب: سائل
اطلاع عام
عام اطلاع دی جاتی ہے کہ جائیداد کی خرید و فروخت کے سلسلے میں اگر کسی کو اعتراض ہو تو مقررہ مدت میں رابطہ کرے۔
منجانب: مختار عام
